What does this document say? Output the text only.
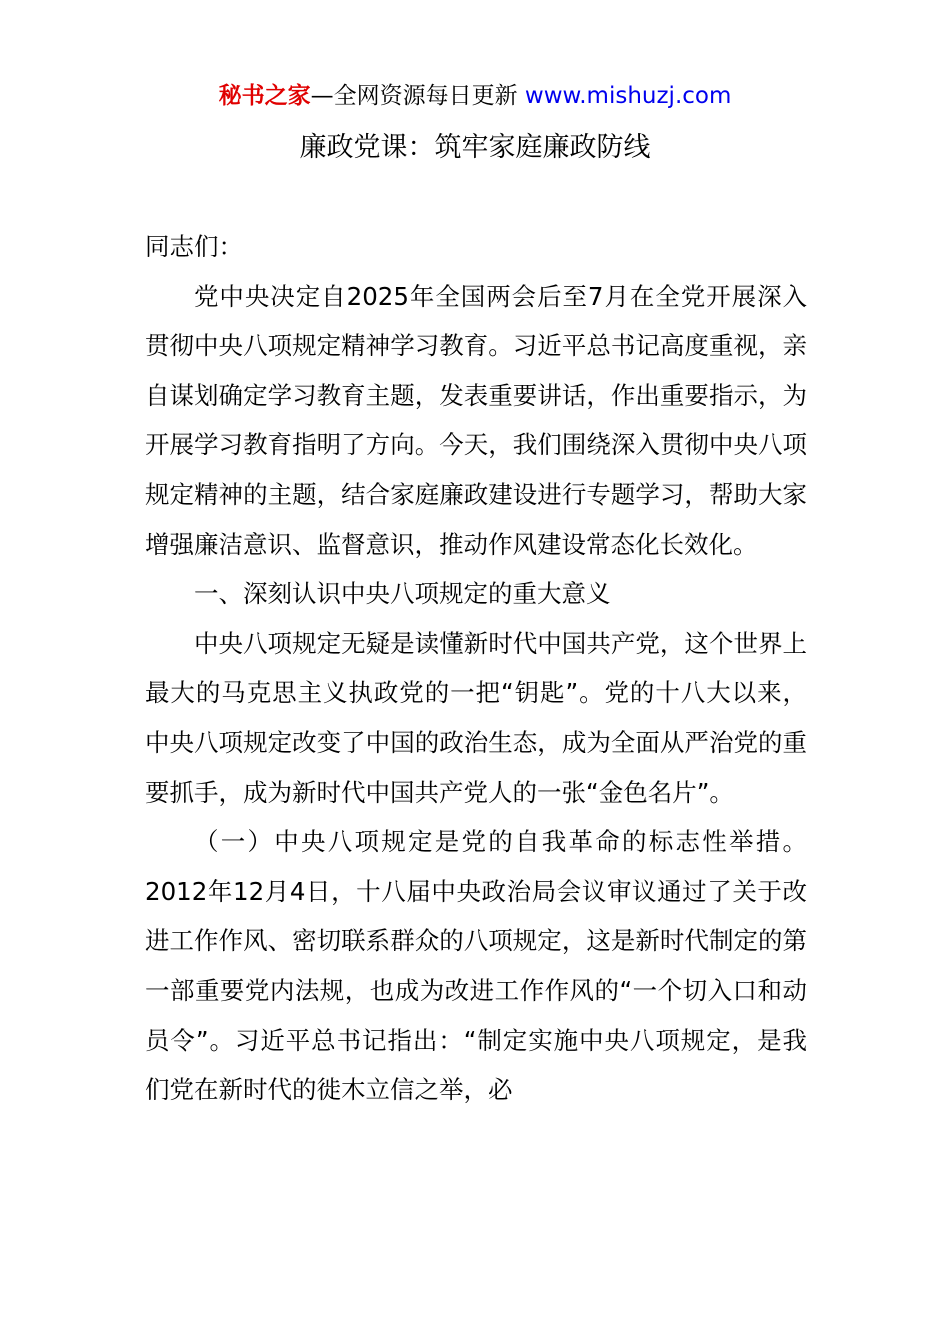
秘书之家—全网资源每日更新 www.mishuzj.com
廉政党课：筑牢家庭廉政防线

同志们：

党中央决定自2025年全国两会后至7月在全党开展深入贯彻中央八项规定精神学习教育。习近平总书记高度重视，亲自谋划确定学习教育主题，发表重要讲话，作出重要指示，为开展学习教育指明了方向。今天，我们围绕深入贯彻中央八项规定精神的主题，结合家庭廉政建设进行专题学习，帮助大家增强廉洁意识、监督意识，推动作风建设常态化长效化。

一、深刻认识中央八项规定的重大意义

中央八项规定无疑是读懂新时代中国共产党，这个世界上最大的马克思主义执政党的一把“钥匙”。党的十八大以来，中央八项规定改变了中国的政治生态，成为全面从严治党的重要抓手，成为新时代中国共产党人的一张“金色名片”。

（一）中央八项规定是党的自我革命的标志性举措。2012年12月4日，十八届中央政治局会议审议通过了关于改进工作作风、密切联系群众的八项规定，这是新时代制定的第一部重要党内法规，也成为改进工作作风的“一个切入口和动员令”。习近平总书记指出：“制定实施中央八项规定，是我们党在新时代的徙木立信之举，必
